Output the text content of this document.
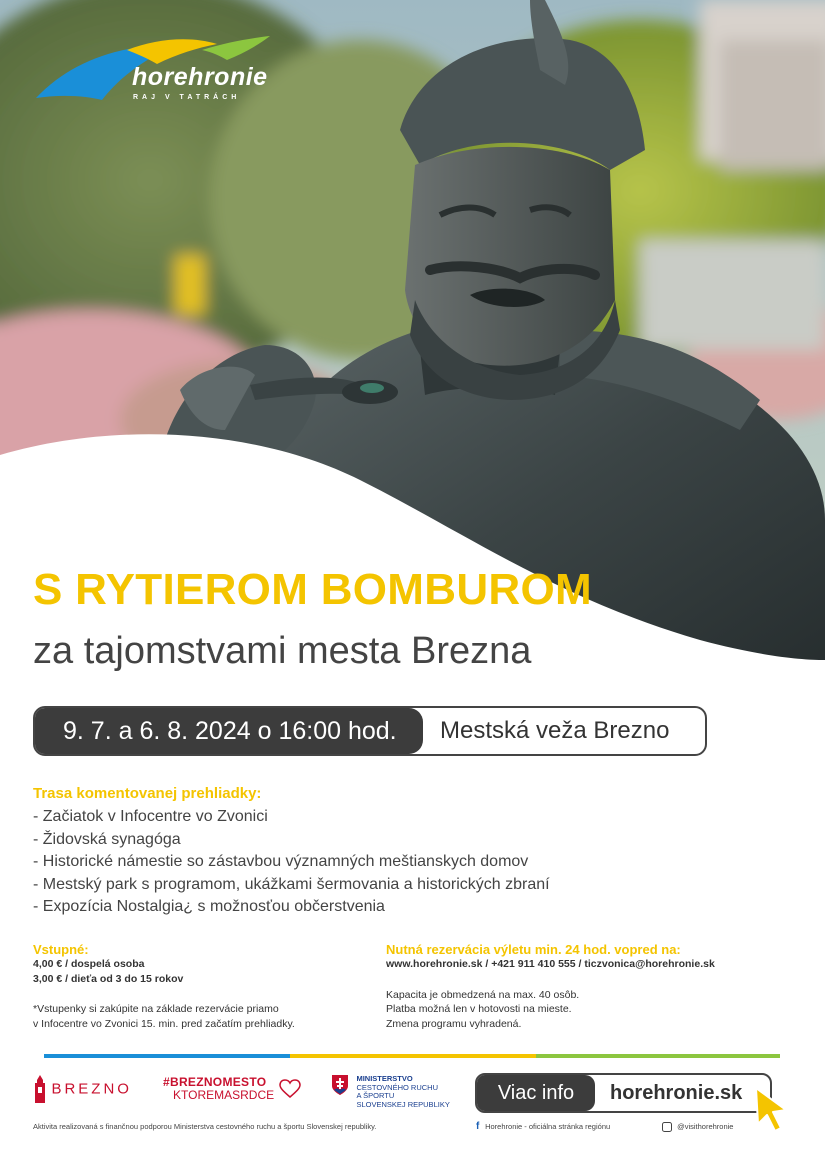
horehronie
RAJ V TATRÁCH
S RYTIEROM BOMBUROM
za tajomstvami mesta Brezna
9. 7. a 6. 8. 2024 o 16:00 hod.	Mestská veža Brezno
Trasa komentovanej prehliadky:
- Začiatok v Infocentre vo Zvonici
- Židovská synagóga
- Historické námestie so zástavbou významných meštianskych domov
- Mestský park s programom, ukážkami šermovania a historických zbraní
- Expozícia Nostalgia¿ s možnosťou občerstvenia
Vstupné:
4,00 € / dospelá osoba
3,00 € / dieťa od 3 do 15 rokov
*Vstupenky si zakúpite na základe rezervácie priamo
v Infocentre vo Zvonici 15. min. pred začatím prehliadky.
Nutná rezervácia výletu min. 24 hod. vopred na:
www.horehronie.sk / +421 911 410 555 / ticzvonica@horehronie.sk
Kapacita je obmedzená na max. 40 osôb.
Platba možná len v hotovosti na mieste.
Zmena programu vyhradená.
BREZNO	#BREZNOMESTO
KTOREMASRDCE

MINISTERSTVO
CESTOVNÉHO RUCHU
A ŠPORTU
SLOVENSKEJ REPUBLIKY	Viac info	horehronie.sk
Aktivita realizovaná s finančnou podporou Ministerstva cestovného ruchu a športu Slovenskej republiky.	f Horehronie - oficiálna stránka regiónu	@visithorehronie
